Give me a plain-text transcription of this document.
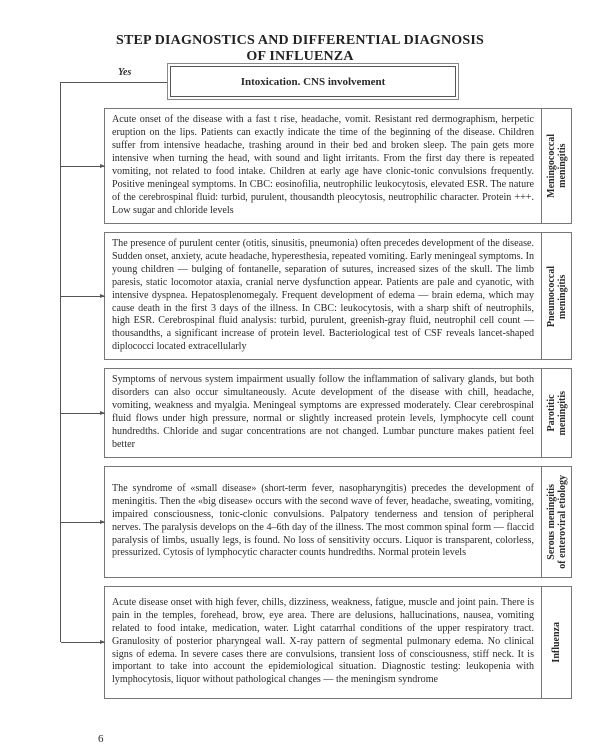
STEP DIAGNOSTICS AND DIFFERENTIAL DIAGNOSIS
OF INFLUENZA
Yes
Intoxication. CNS involvement
Acute onset of the disease with a fast t rise, headache, vomit. Resistant red dermographism, herpetic eruption on the lips. Patients can exactly indicate the time of the beginning of the disease. Children suffer from intensive headache, trashing around in their bed and broken sleep. The pain gets more intensive when turning the head, with sound and light irritants. From the first day there is repeated vomiting, not related to food intake. Children at early age have clonic-tonic convulsions frequently. Positive meningeal symptoms. In CBC: eosinofilia, neutrophilic leukocytosis, elevated ESR. The nature of the cerebrospinal fluid: turbid, purulent, thousandth pleocytosis, neutrophilic character. Protein +++. Low sugar and chloride levels
Meningococcal
meningitis
The presence of purulent center (otitis, sinusitis, pneumonia) often precedes development of the disease. Sudden onset, anxiety, acute headache, hyperesthesia, repeated vomiting. Early meningeal symptoms. In young children — bulging of fontanelle, separation of sutures, increased sizes of the skull. The limb paresis, static locomotor ataxia, cranial nerve dysfunction appear. Patients are pale and cyanotic, with intensive dyspnea. Hepatosplenomegaly. Frequent development of edema — brain edema, which may cause death in the first 3 days of the illness. In CBC: leukocytosis, with a sharp shift of neutrophils, high ESR. Cerebrospinal fluid analysis: turbid, purulent, greenish-gray fluid, neutrophil cell count — thousandths, a significant increase of protein level. Bacteriological test of CSF reveals lancet-shaped diplococci located extracellularly
Pneumococcal
meningitis
Symptoms of nervous system impairment usually follow the inflammation of salivary glands, but both disorders can also occur simultaneously. Acute development of the disease with chill, headache, vomiting, weakness and myalgia. Meningeal symptoms are expressed moderately. Clear cerebrospinal fluid flows under high pressure, normal or slightly increased protein levels, lymphocyte cell count hundredths. Chloride and sugar concentrations are not changed. Lumbar puncture makes patient feel better
Parotitic
meningitis
The syndrome of «small disease» (short-term fever, nasopharyngitis) precedes the development of meningitis. Then the «big disease» occurs with the second wave of fever, headache, sweating, vomiting, impaired consciousness, tonic-clonic convulsions. Palpatory tenderness and tension of peripheral nerves. The paralysis develops on the 4–6th day of the illness. The most common spinal form — flaccid paralysis of limbs, usually legs, is found. No loss of sensitivity occurs. Liquor is transparent, colorless, pressurized. Cytosis of lymphocytic character counts hundredths. Normal protein levels	Serous meningitis
of enteroviral etiology
Acute disease onset with high fever, chills, dizziness, weakness, fatigue, muscle and joint pain. There is pain in the temples, forehead, brow, eye area. There are delusions, hallucinations, nausea, vomiting related to food intake, medication, water. Light catarrhal conditions of the upper respiratory tract. Granulosity of posterior pharyngeal wall. X-ray pattern of segmental pulmonary edema. No clinical signs of edema. In severe cases there are convulsions, transient loss of consciousness, stiff neck. It is important to take into account the epidemiological situation. Diagnostic testing: leukopenia with lymphocytosis, liquor without pathological changes — the meningism syndrome
Influenza
6
